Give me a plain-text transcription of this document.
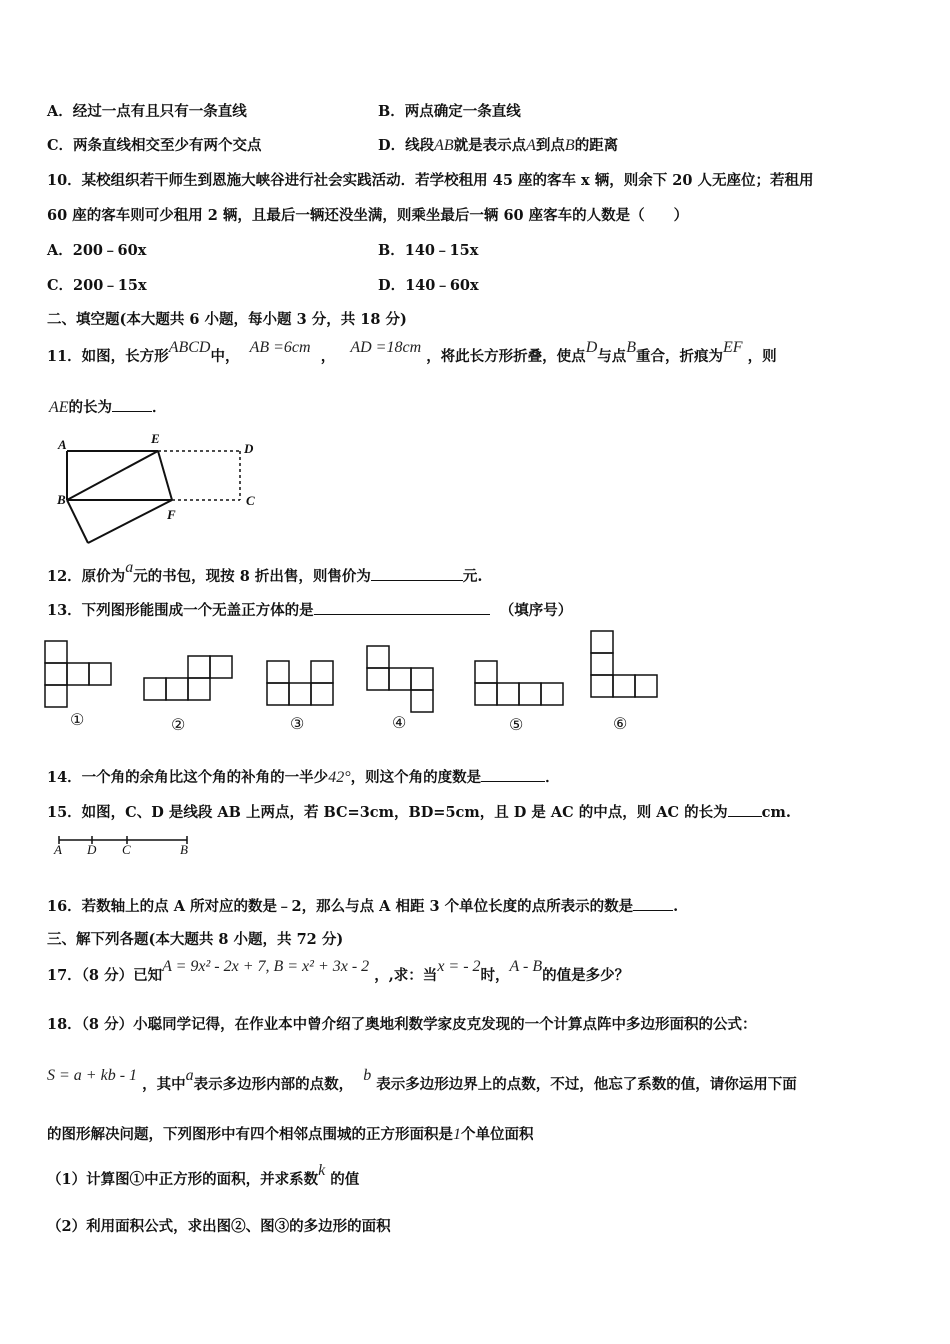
A．经过一点有且只有一条直线	B．两点确定一条直线
C．两条直线相交至少有两个交点	D．线段AB就是表示点A到点B的距离
10．某校组织若干师生到恩施大峡谷进行社会实践活动．若学校租用 45 座的客车 x 辆，则余下 20 人无座位；若租用
60 座的客车则可少租用 2 辆，且最后一辆还没坐满，则乘坐最后一辆 60 座客车的人数是（　　）
A．200﹣60x	B．140﹣15x
C．200﹣15x	D．140﹣60x
二、填空题(本大题共 6 小题，每小题 3 分，共 18 分)
11．如图，长方形ABCD中，  AB =6cm  ，   AD =18cm ，将此长方形折叠，使点D与点B重合，折痕为EF ，则
AE的长为	．
A	E
D
B
F
C
12．原价为a元的书包，现按 8 折出售，则售价为	元.
13．下列图形能围成一个无盖正方体的是	（填序号）
①	②	③	④	⑤	⑥
14．一个角的余角比这个角的补角的一半少42°，则这个角的度数是	．
15．如图，C、D 是线段 AB 上两点，若 BC=3cm，BD=5cm，且 D 是 AC 的中点，则 AC 的长为 cm.
A D C	B
16．若数轴上的点 A 所对应的数是﹣2，那么与点 A 相距 3 个单位长度的点所表示的数是	.
三、解下列各题(本大题共 8 小题，共 72 分)
17．（8 分）已知A = 9x² - 2x + 7, B = x² + 3x - 2 ，,求：当x = - 2时，A - B的值是多少？
18．（8 分）小聪同学记得，在作业本中曾介绍了奥地利数学家皮克发现的一个计算点阵中多边形面积的公式：
S = a + kb - 1 ，其中a表示多边形内部的点数，  b 表示多边形边界上的点数，不过，他忘了系数的值，请你运用下面
的图形解决问题，下列图形中有四个相邻点围城的正方形面积是1个单位面积
（1）计算图①中正方形的面积，并求系数k 的值
（2）利用面积公式，求出图②、图③的多边形的面积
